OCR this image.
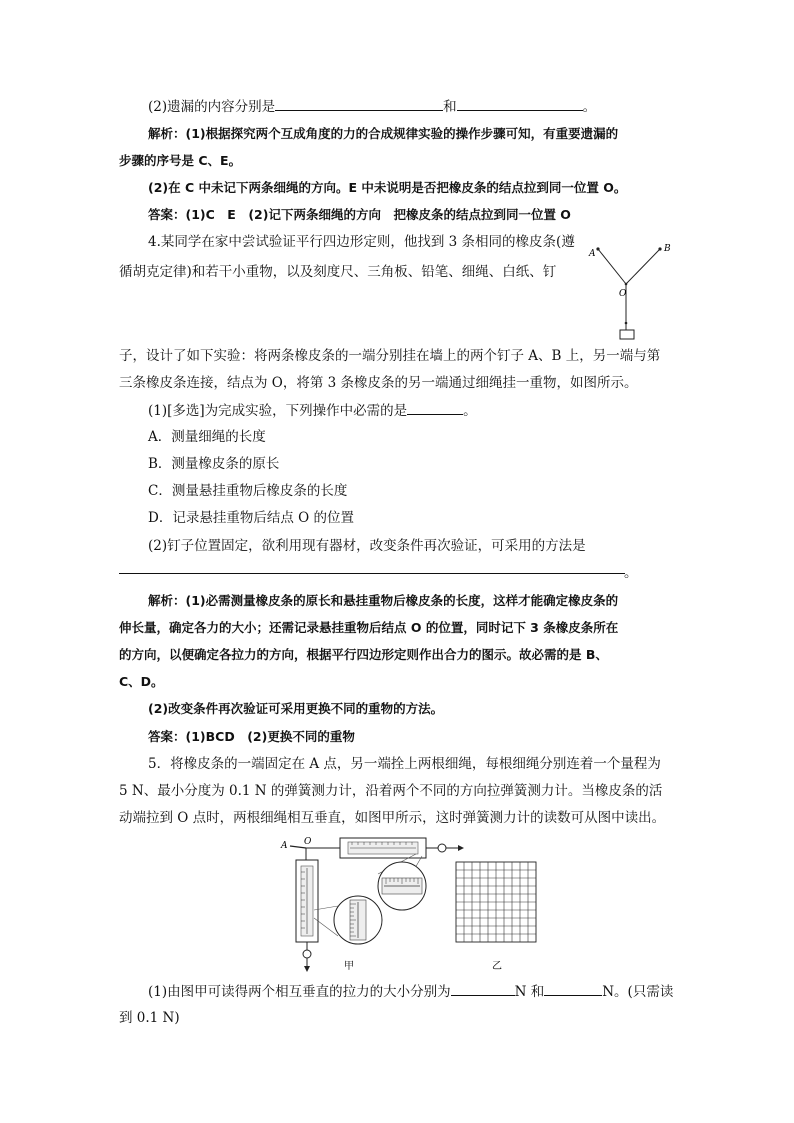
(2)遗漏的内容分别是	和	。
解析：(1)根据探究两个互成角度的力的合成规律实验的操作步骤可知，有重要遗漏的
步骤的序号是 C、E。
(2)在 C 中未记下两条细绳的方向。E 中未说明是否把橡皮条的结点拉到同一位置 O。
答案：(1)C　E　(2)记下两条细绳的方向　把橡皮条的结点拉到同一位置 O
4.某同学在家中尝试验证平行四边形定则，他找到 3 条相同的橡皮条(遵
循胡克定律)和若干小重物，以及刻度尺、三角板、铅笔、细绳、白纸、钉
A	B
O
子，设计了如下实验：将两条橡皮条的一端分别挂在墙上的两个钉子 A、B 上，另一端与第
三条橡皮条连接，结点为 O，将第 3 条橡皮条的另一端通过细绳挂一重物，如图所示。
(1)[多选]为完成实验，下列操作中必需的是	。
A．测量细绳的长度
B．测量橡皮条的原长
C．测量悬挂重物后橡皮条的长度
D．记录悬挂重物后结点 O 的位置
(2)钉子位置固定，欲利用现有器材，改变条件再次验证，可采用的方法是
。
解析：(1)必需测量橡皮条的原长和悬挂重物后橡皮条的长度，这样才能确定橡皮条的
伸长量，确定各力的大小；还需记录悬挂重物后结点 O 的位置，同时记下 3 条橡皮条所在
的方向，以便确定各拉力的方向，根据平行四边形定则作出合力的图示。故必需的是 B、
C、D。
(2)改变条件再次验证可采用更换不同的重物的方法。
答案：(1)BCD　(2)更换不同的重物
5．将橡皮条的一端固定在 A 点，另一端拴上两根细绳，每根细绳分别连着一个量程为
5 N、最小分度为 0.1 N 的弹簧测力计，沿着两个不同的方向拉弹簧测力计。当橡皮条的活
动端拉到 O 点时，两根细绳相互垂直，如图甲所示，这时弹簧测力计的读数可从图中读出。
A O
甲	乙
(1)由图甲可读得两个相互垂直的拉力的大小分别为	N 和	N。(只需读
到 0.1 N)
